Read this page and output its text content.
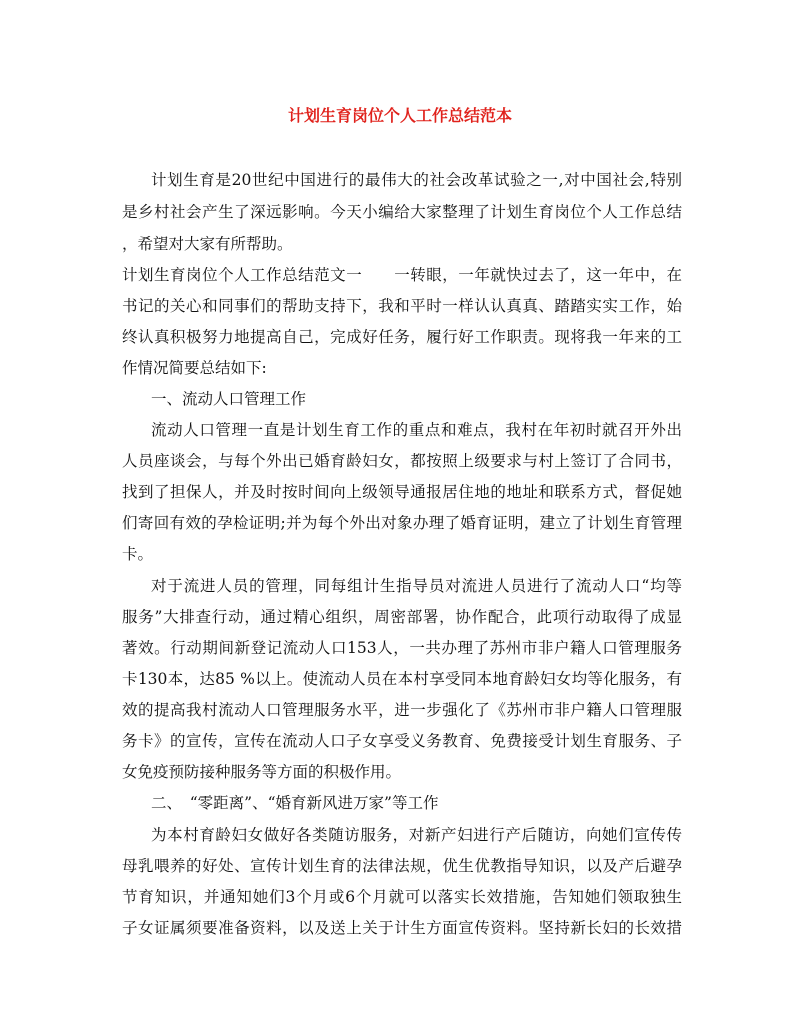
计划生育岗位个人工作总结范本

计划生育是20世纪中国进行的最伟大的社会改革试验之一,对中国社会,特别

是乡村社会产生了深远影响。今天小编给大家整理了计划生育岗位个人工作总结

，希望对大家有所帮助。

计划生育岗位个人工作总结范文一　　一转眼，一年就快过去了，这一年中，在

书记的关心和同事们的帮助支持下，我和平时一样认认真真、踏踏实实工作，始

终认真积极努力地提高自己，完成好任务，履行好工作职责。现将我一年来的工

作情况简要总结如下:

一、流动人口管理工作

流动人口管理一直是计划生育工作的重点和难点，我村在年初时就召开外出

人员座谈会，与每个外出已婚育龄妇女，都按照上级要求与村上签订了合同书，

找到了担保人，并及时按时间向上级领导通报居住地的地址和联系方式，督促她

们寄回有效的孕检证明;并为每个外出对象办理了婚育证明，建立了计划生育管理

卡。

对于流进人员的管理，同每组计生指导员对流进人员进行了流动人口“均等

服务”大排查行动，通过精心组织，周密部署，协作配合，此项行动取得了成显

著效。行动期间新登记流动人口153人，一共办理了苏州市非户籍人口管理服务

卡130本，达85 %以上。使流动人员在本村享受同本地育龄妇女均等化服务，有

效的提高我村流动人口管理服务水平，进一步强化了《苏州市非户籍人口管理服

务卡》的宣传，宣传在流动人口子女享受义务教育、免费接受计划生育服务、子

女免疫预防接种服务等方面的积极作用。

二、　“零距离”、“婚育新风进万家”等工作

为本村育龄妇女做好各类随访服务，对新产妇进行产后随访，向她们宣传传

母乳喂养的好处、宣传计划生育的法律法规，优生优教指导知识，以及产后避孕

节育知识，并通知她们3个月或6个月就可以落实长效措施，告知她们领取独生

子女证属须要准备资料，以及送上关于计生方面宣传资料。坚持新长妇的长效措
